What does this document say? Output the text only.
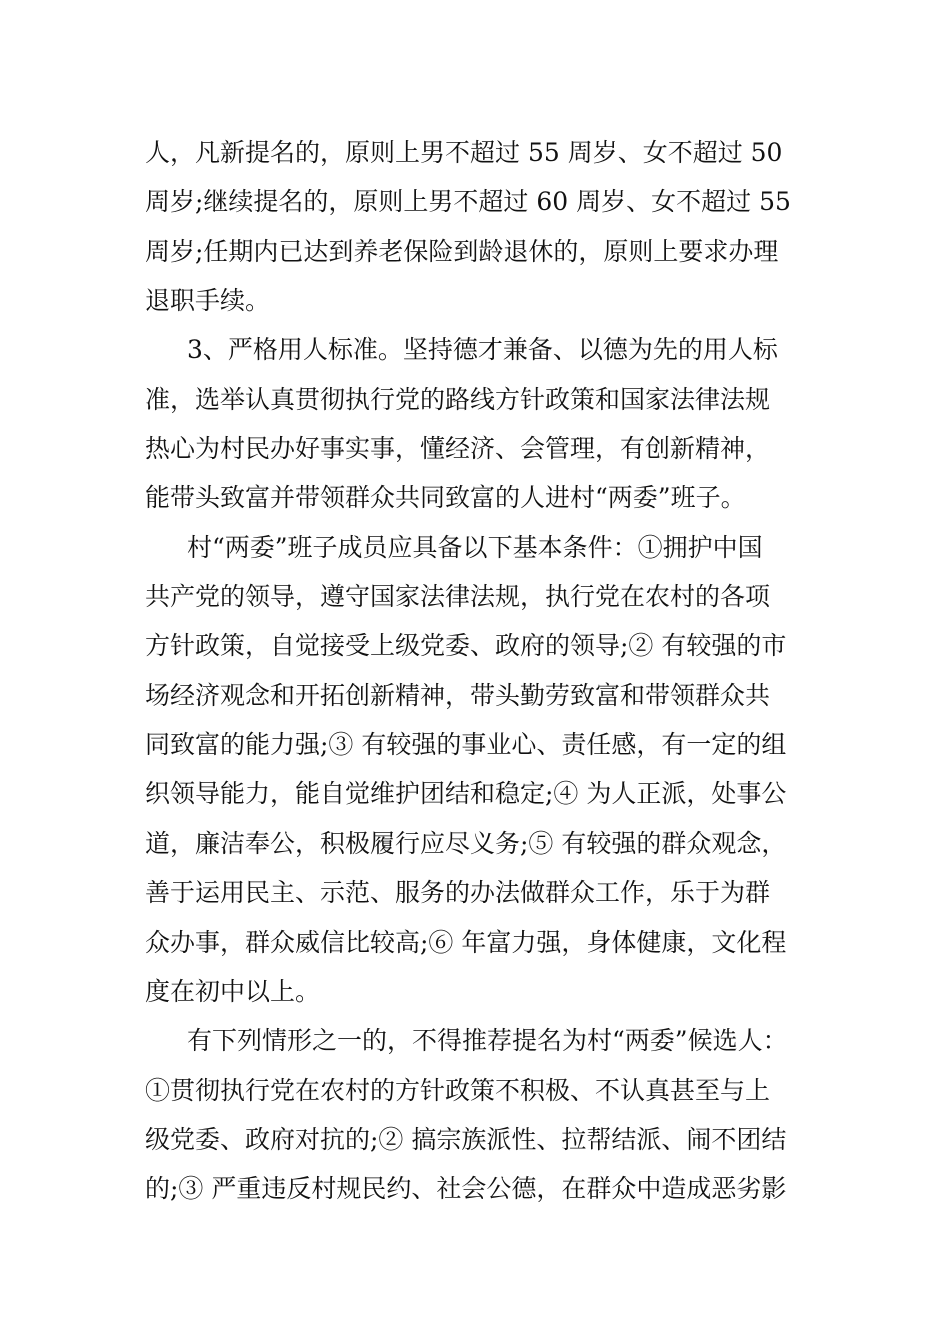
人，凡新提名的，原则上男不超过 55 周岁、女不超过 50
周岁;继续提名的，原则上男不超过 60 周岁、女不超过 55
周岁;任期内已达到养老保险到龄退休的，原则上要求办理
退职手续。
3、严格用人标准。坚持德才兼备、以德为先的用人标
准，选举认真贯彻执行党的路线方针政策和国家法律法规
热心为村民办好事实事，懂经济、会管理，有创新精神，
能带头致富并带领群众共同致富的人进村“两委”班子。
村“两委”班子成员应具备以下基本条件：①拥护中国
共产党的领导，遵守国家法律法规，执行党在农村的各项
方针政策，自觉接受上级党委、政府的领导;② 有较强的市
场经济观念和开拓创新精神，带头勤劳致富和带领群众共
同致富的能力强;③ 有较强的事业心、责任感，有一定的组
织领导能力，能自觉维护团结和稳定;④ 为人正派，处事公
道，廉洁奉公，积极履行应尽义务;⑤ 有较强的群众观念，
善于运用民主、示范、服务的办法做群众工作，乐于为群
众办事，群众威信比较高;⑥ 年富力强，身体健康，文化程
度在初中以上。
有下列情形之一的，不得推荐提名为村“两委”候选人：
①贯彻执行党在农村的方针政策不积极、不认真甚至与上
级党委、政府对抗的;② 搞宗族派性、拉帮结派、闹不团结
的;③ 严重违反村规民约、社会公德，在群众中造成恶劣影
